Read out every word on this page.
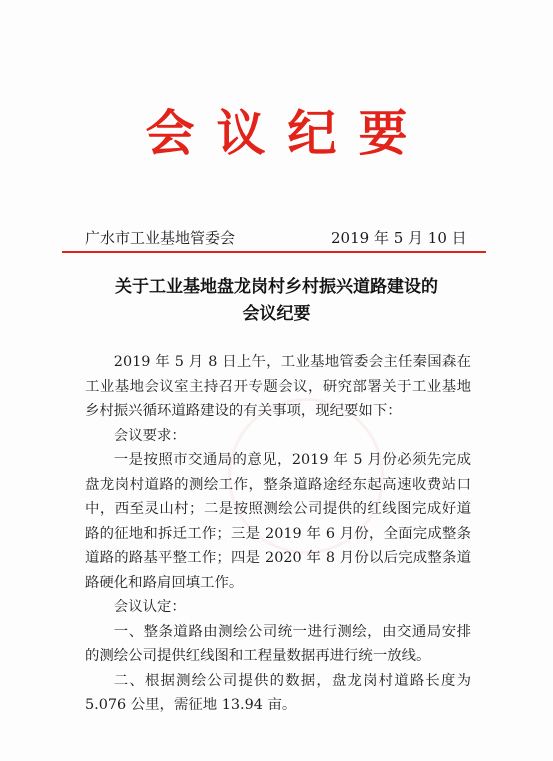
会议纪要
广水市工业基地管委会	2019 年 5 月 10 日
关于工业基地盘龙岗村乡村振兴道路建设的
会议纪要

2019 年 5 月 8 日上午，工业基地管委会主任秦国森在工业基地会议室主持召开专题会议，研究部署关于工业基地乡村振兴循环道路建设的有关事项，现纪要如下：

会议要求：

一是按照市交通局的意见，2019 年 5 月份必须先完成盘龙岗村道路的测绘工作，整条道路途经东起高速收费站口中，西至灵山村；二是按照测绘公司提供的红线图完成好道路的征地和拆迁工作；三是 2019 年 6 月份，全面完成整条道路的路基平整工作；四是 2020 年 8 月份以后完成整条道路硬化和路肩回填工作。

会议认定：

一、整条道路由测绘公司统一进行测绘，由交通局安排的测绘公司提供红线图和工程量数据再进行统一放线。

二、根据测绘公司提供的数据，盘龙岗村道路长度为 5.076 公里，需征地 13.94 亩。
